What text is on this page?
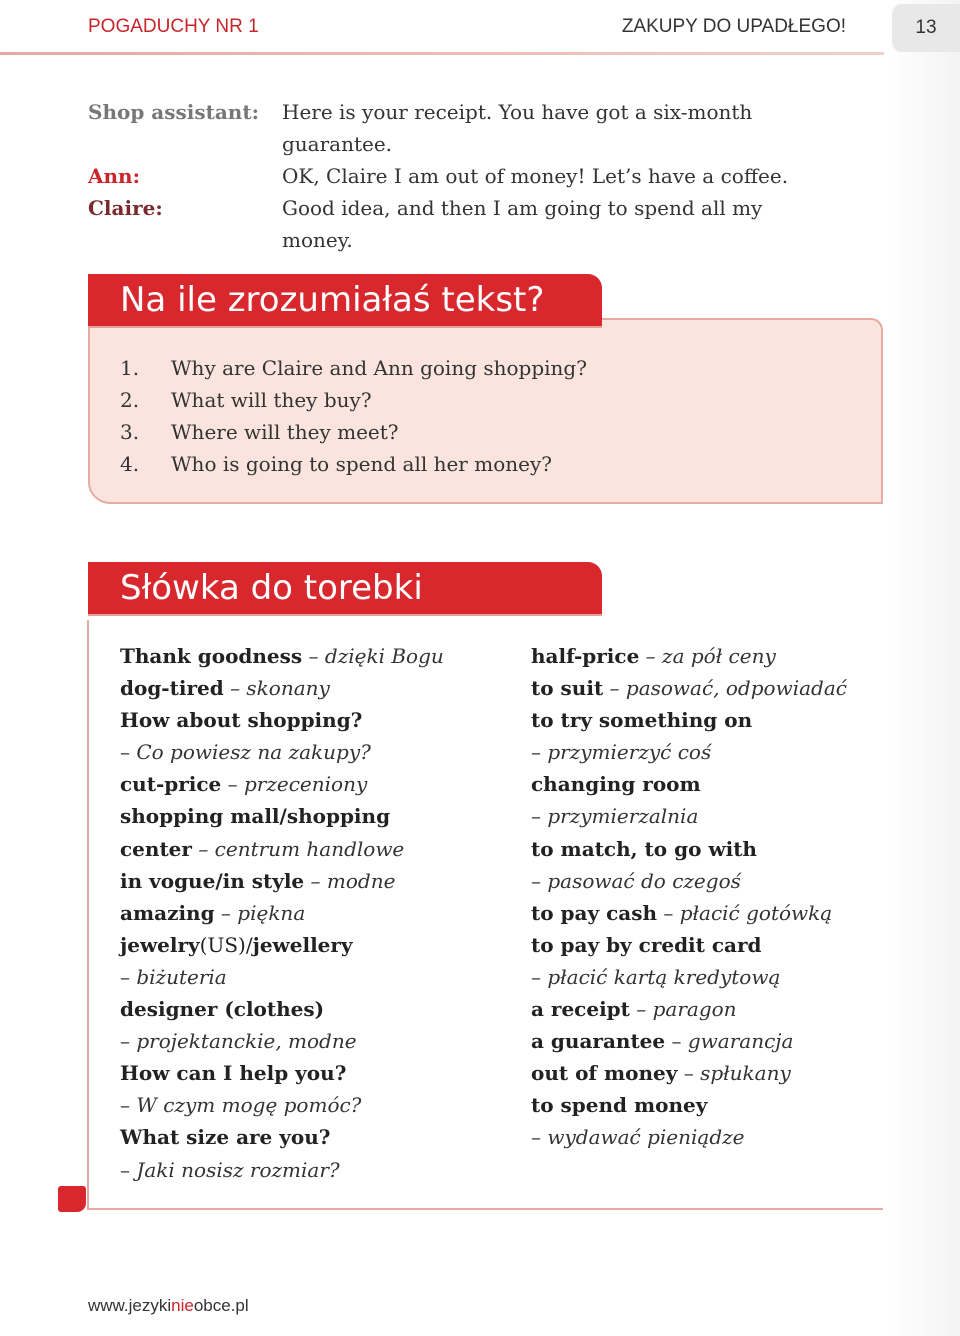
POGADUCHY NR 1	ZAKUPY DO UPADŁEGO!	13
Shop assistant:	Here is your receipt. You have got a six-month
guarantee.
Ann:	OK, Claire I am out of money! Let’s have a coffee.
Claire:	Good idea, and then I am going to spend all my money.
Na ile zrozumiałaś tekst?
1.	Why are Claire and Ann going shopping?
2.	What will they buy?
3.	Where will they meet?
4.	Who is going to spend all her money?
Słówka do torebki
Thank goodness – dzięki Bogu
dog-tired – skonany
How about shopping?
– Co powiesz na zakupy?
cut-price – przeceniony
shopping mall/shopping
center – centrum handlowe
in vogue/in style – modne
amazing – piękna
jewelry(US)/jewellery
– biżuteria
designer (clothes)
– projektanckie, modne
How can I help you?
– W czym mogę pomóc?
What size are you?
– Jaki nosisz rozmiar?
half-price – za pół ceny
to suit – pasować, odpowiadać
to try something on
– przymierzyć coś
changing room
– przymierzalnia
to match, to go with
– pasować do czegoś
to pay cash – płacić gotówką
to pay by credit card
– płacić kartą kredytową
a receipt – paragon
a guarantee – gwarancja
out of money – spłukany
to spend money
– wydawać pieniądze
www.jezykinieobce.pl
